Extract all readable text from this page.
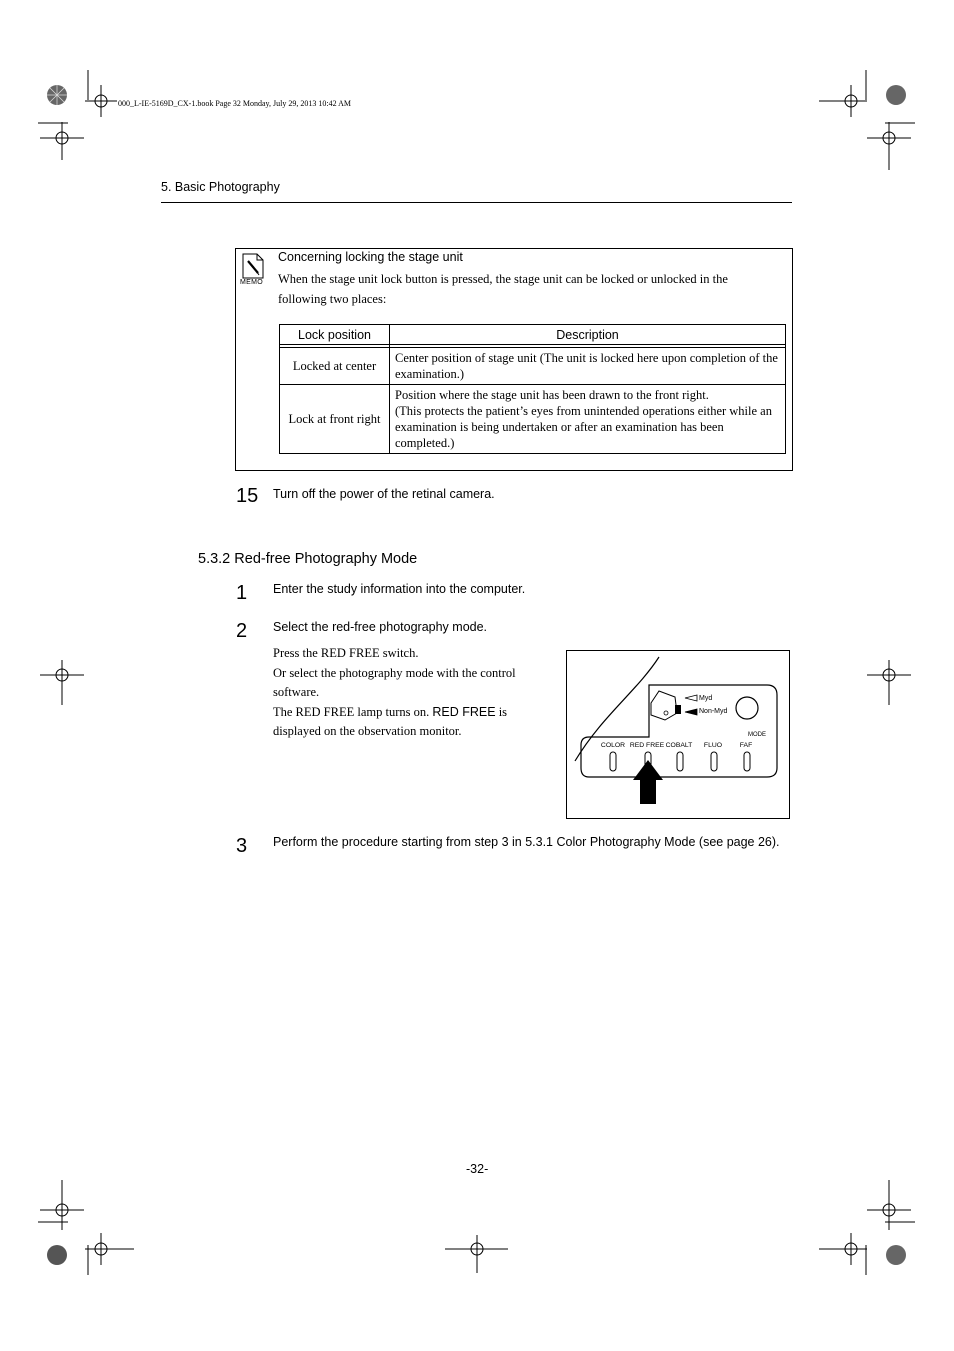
000_L-IE-5169D_CX-1.book Page 32 Monday, July 29, 2013 10:42 AM
5. Basic Photography
MEMO
Concerning locking the stage unit
When the stage unit lock button is pressed, the stage unit can be locked or unlocked in the following two places:
Lock position	Description

Locked at center	Center position of stage unit (The unit is locked here upon completion of the examination.)
Lock at front right	Position where the stage unit has been drawn to the front right.
(This protects the patient’s eyes from unintended operations either while an examination is being undertaken or after an examination has been completed.)
15 Turn off the power of the retinal camera.
5.3.2 Red-free Photography Mode
1 Enter the study information into the computer.
2 Select the red-free photography mode.
Press the RED FREE switch.
Or select the photography mode with the control software.
The RED FREE lamp turns on. RED FREE is displayed on the observation monitor.
Myd
Non-Myd
MODE
COLOR RED FREE COBALT FLUO	FAF
3 Perform the procedure starting from step 3 in 5.3.1 Color Photography Mode (see page 26).
-32-
